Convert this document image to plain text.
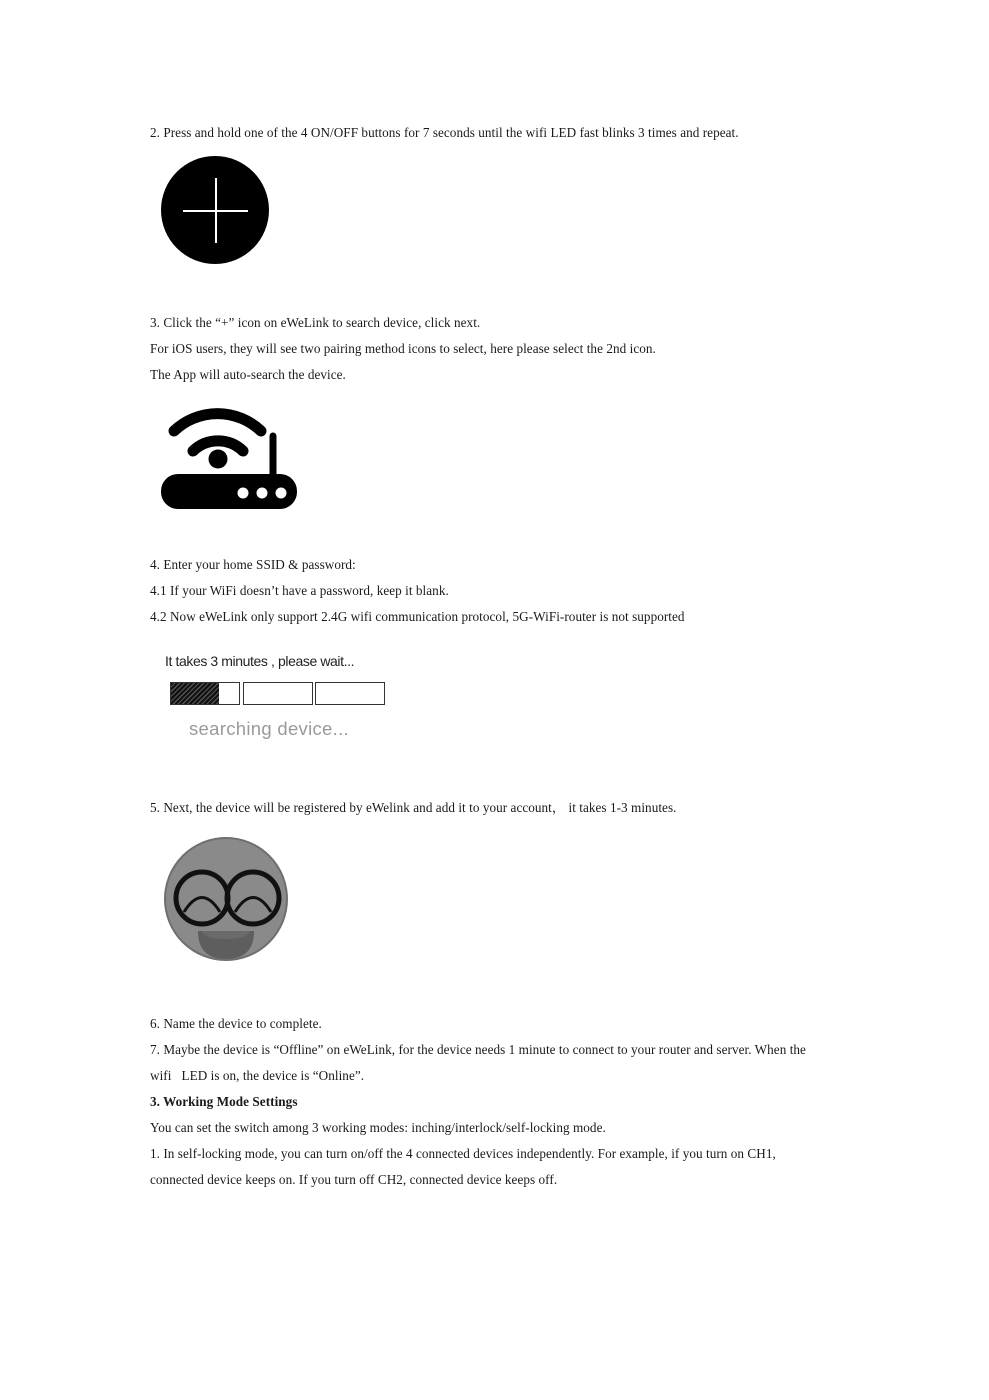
2. Press and hold one of the 4 ON/OFF buttons for 7 seconds until the wifi LED fast blinks 3 times and repeat.
3. Click the “+” icon on eWeLink to search device, click next.
For iOS users, they will see two pairing method icons to select, here please select the 2nd icon.
The App will auto-search the device.
4. Enter your home SSID & password:
4.1 If your WiFi doesn’t have a password, keep it blank.
4.2 Now eWeLink only support 2.4G wifi communication protocol, 5G-WiFi-router is not supported
It takes 3 minutes , please wait...
searching device...
5. Next, the device will be registered by eWelink and add it to your account， it takes 1-3 minutes.
6. Name the device to complete.
7. Maybe the device is “Offline” on eWeLink, for the device needs 1 minute to connect to your router and server. When the
wifi   LED is on, the device is “Online”.
3. Working Mode Settings
You can set the switch among 3 working modes: inching/interlock/self-locking mode.
1. In self-locking mode, you can turn on/off the 4 connected devices independently. For example, if you turn on CH1,
connected device keeps on. If you turn off CH2, connected device keeps off.
